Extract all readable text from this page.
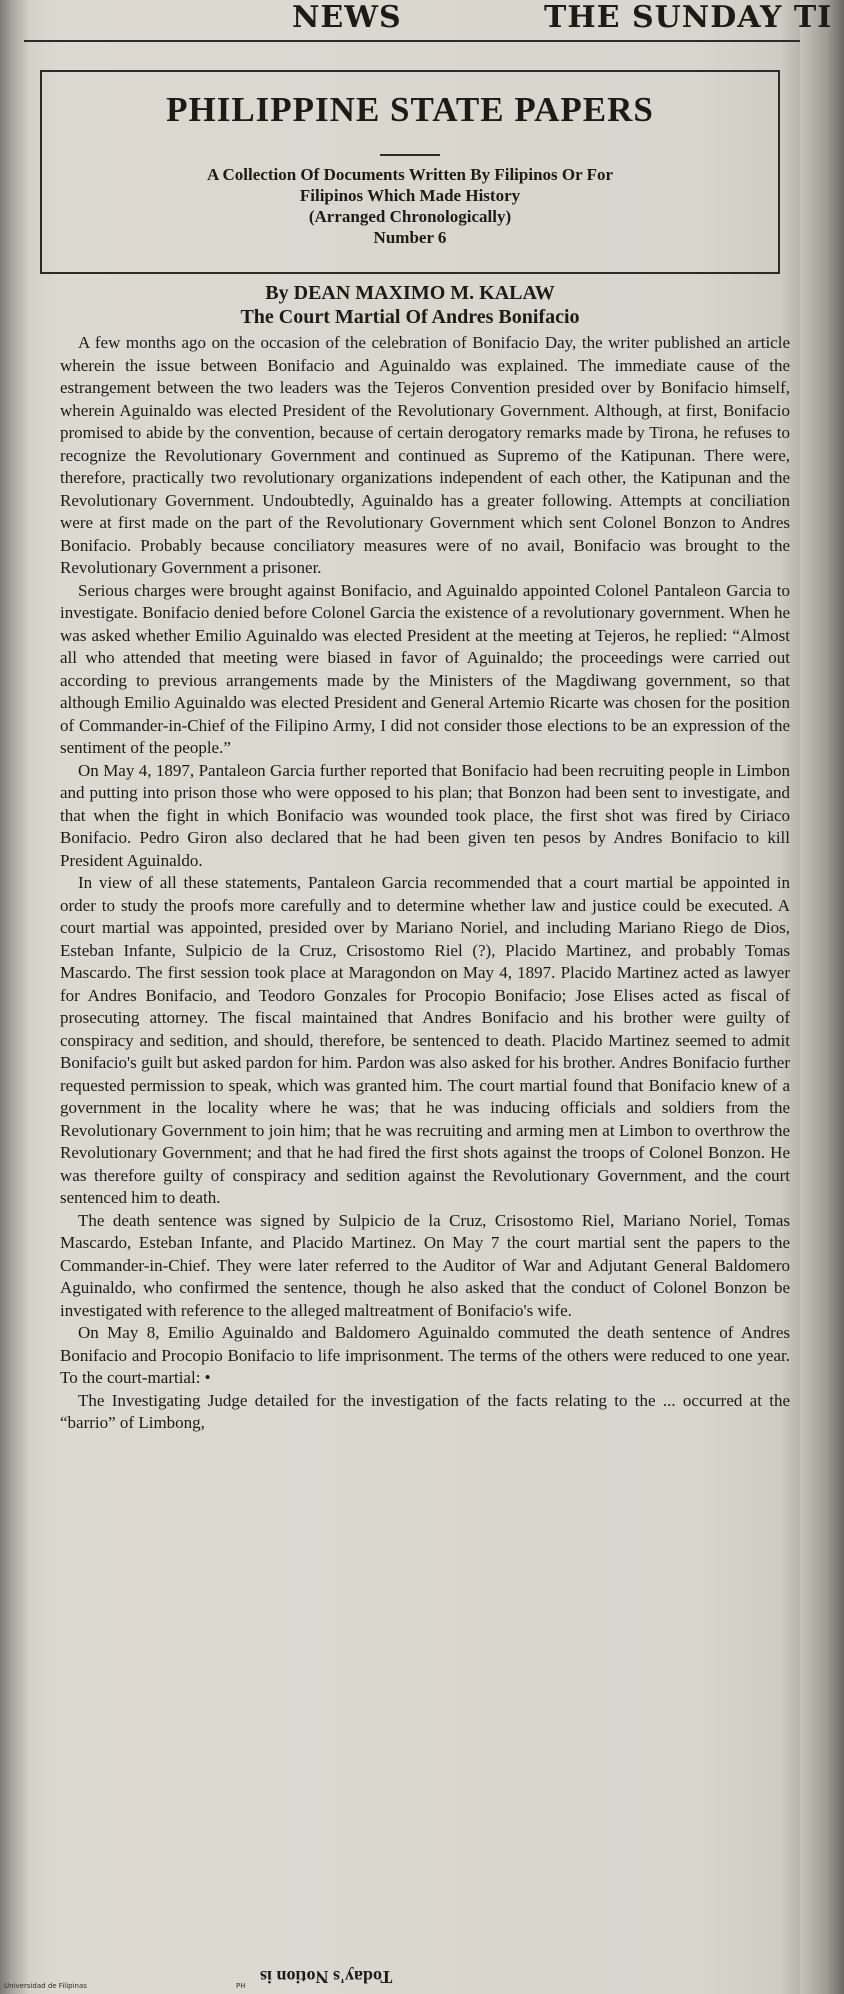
NEWS	THE SUNDAY TI
PHILIPPINE STATE PAPERS

A Collection Of Documents Written By Filipinos Or For

Filipinos Which Made History

(Arranged Chronologically)

Number 6

By DEAN MAXIMO M. KALAW
The Court Martial Of Andres Bonifacio

A few months ago on the occasion of the celebration of Bonifacio Day, the writer published an article wherein the issue between Bonifacio and Aguinaldo was explained. The immediate cause of the estrangement between the two leaders was the Tejeros Convention presided over by Bonifacio himself, wherein Aguinaldo was elected President of the Revolutionary Government. Although, at first, Bonifacio promised to abide by the convention, because of certain derogatory remarks made by Tirona, he refuses to recognize the Revolutionary Government and continued as Supremo of the Katipunan. There were, therefore, practically two revolutionary organizations independent of each other, the Katipunan and the Revolutionary Government. Undoubtedly, Aguinaldo has a greater following. Attempts at conciliation were at first made on the part of the Revolutionary Government which sent Colonel Bonzon to Andres Bonifacio. Probably because conciliatory measures were of no avail, Bonifacio was brought to the Revolutionary Government a prisoner.

Serious charges were brought against Bonifacio, and Aguinaldo appointed Colonel Pantaleon Garcia to investigate. Bonifacio denied before Colonel Garcia the existence of a revolutionary government. When he was asked whether Emilio Aguinaldo was elected President at the meeting at Tejeros, he replied: “Almost all who attended that meeting were biased in favor of Aguinaldo; the proceedings were carried out according to previous arrangements made by the Ministers of the Magdiwang government, so that although Emilio Aguinaldo was elected President and General Artemio Ricarte was chosen for the position of Commander-in-Chief of the Filipino Army, I did not consider those elections to be an expression of the sentiment of the people.”

On May 4, 1897, Pantaleon Garcia further reported that Bonifacio had been recruiting people in Limbon and putting into prison those who were opposed to his plan; that Bonzon had been sent to investigate, and that when the fight in which Bonifacio was wounded took place, the first shot was fired by Ciriaco Bonifacio. Pedro Giron also declared that he had been given ten pesos by Andres Bonifacio to kill President Aguinaldo.

In view of all these statements, Pantaleon Garcia recommended that a court martial be appointed in order to study the proofs more carefully and to determine whether law and justice could be executed. A court martial was appointed, presided over by Mariano Noriel, and including Mariano Riego de Dios, Esteban Infante, Sulpicio de la Cruz, Crisostomo Riel (?), Placido Martinez, and probably Tomas Mascardo. The first session took place at Maragondon on May 4, 1897. Placido Martinez acted as lawyer for Andres Bonifacio, and Teodoro Gonzales for Procopio Bonifacio; Jose Elises acted as fiscal of prosecuting attorney. The fiscal maintained that Andres Bonifacio and his brother were guilty of conspiracy and sedition, and should, therefore, be sentenced to death. Placido Martinez seemed to admit Bonifacio's guilt but asked pardon for him. Pardon was also asked for his brother. Andres Bonifacio further requested permission to speak, which was granted him. The court martial found that Bonifacio knew of a government in the locality where he was; that he was inducing officials and soldiers from the Revolutionary Government to join him; that he was recruiting and arming men at Limbon to overthrow the Revolutionary Government; and that he had fired the first shots against the troops of Colonel Bonzon. He was therefore guilty of conspiracy and sedition against the Revolutionary Government, and the court sentenced him to death.

The death sentence was signed by Sulpicio de la Cruz, Crisostomo Riel, Mariano Noriel, Tomas Mascardo, Esteban Infante, and Placido Martinez. On May 7 the court martial sent the papers to the Commander-in-Chief. They were later referred to the Auditor of War and Adjutant General Baldomero Aguinaldo, who confirmed the sentence, though he also asked that the conduct of Colonel Bonzon be investigated with reference to the alleged maltreatment of Bonifacio's wife.

On May 8, Emilio Aguinaldo and Baldomero Aguinaldo commuted the death sentence of Andres Bonifacio and Procopio Bonifacio to life imprisonment. The terms of the others were reduced to one year. To the court-martial: •

The Investigating Judge detailed for the investigation of the facts relating to the ... occurred at the “barrio” of Limbong,

Today's Notion is
Universidad de Filipinas	PH
